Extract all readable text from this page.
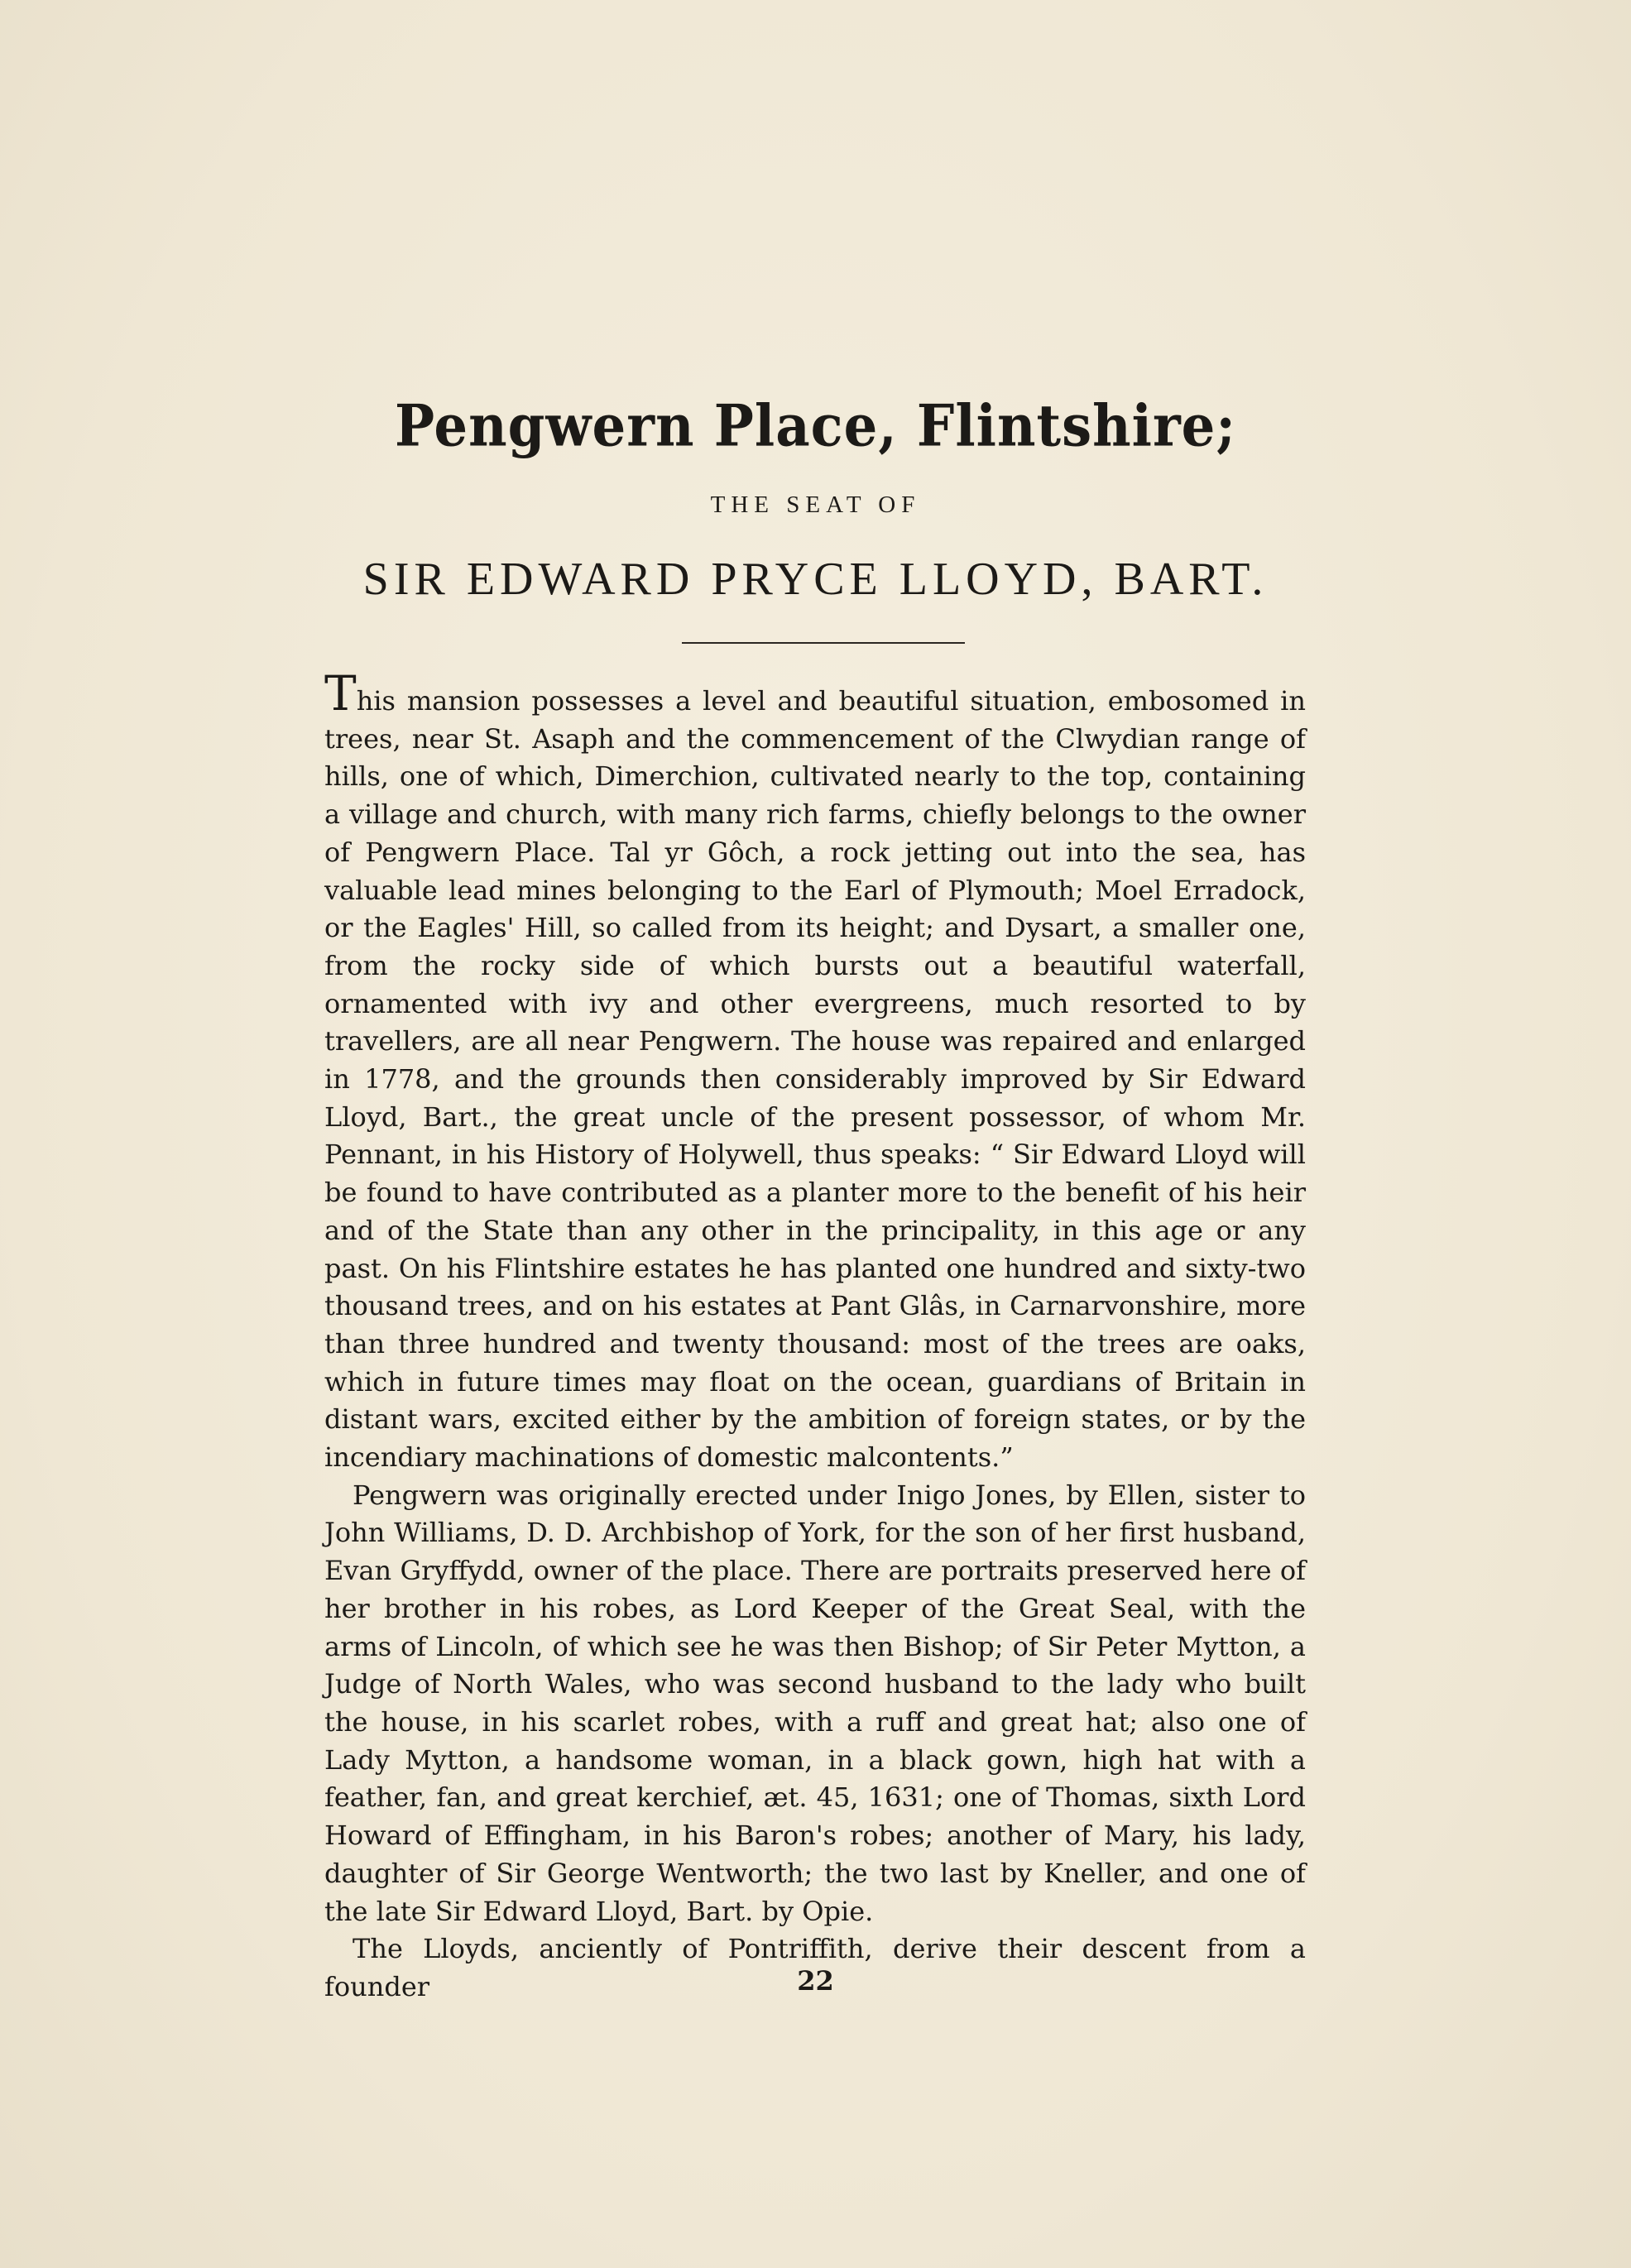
Pengwern Place, Flintshire;
THE SEAT OF
SIR EDWARD PRYCE LLOYD, BART.

This mansion possesses a level and beautiful situation, embosomed in trees, near St. Asaph and the commencement of the Clwydian range of hills, one of which, Dimerchion, cultivated nearly to the top, containing a village and church, with many rich farms, chiefly belongs to the owner of Pengwern Place. Tal yr Gôch, a rock jetting out into the sea, has valuable lead mines belonging to the Earl of Plymouth; Moel Erradock, or the Eagles' Hill, so called from its height; and Dysart, a smaller one, from the rocky side of which bursts out a beautiful waterfall, ornamented with ivy and other evergreens, much resorted to by travellers, are all near Pengwern. The house was repaired and enlarged in 1778, and the grounds then considerably improved by Sir Edward Lloyd, Bart., the great uncle of the present possessor, of whom Mr. Pennant, in his History of Holywell, thus speaks: “ Sir Edward Lloyd will be found to have contributed as a planter more to the benefit of his heir and of the State than any other in the principality, in this age or any past. On his Flintshire estates he has planted one hundred and sixty-two thousand trees, and on his estates at Pant Glâs, in Carnarvonshire, more than three hundred and twenty thousand: most of the trees are oaks, which in future times may float on the ocean, guardians of Britain in distant wars, excited either by the ambition of foreign states, or by the incendiary machinations of domestic malcontents.”

Pengwern was originally erected under Inigo Jones, by Ellen, sister to John Williams, D. D. Archbishop of York, for the son of her first husband, Evan Gryffydd, owner of the place. There are portraits preserved here of her brother in his robes, as Lord Keeper of the Great Seal, with the arms of Lincoln, of which see he was then Bishop; of Sir Peter Mytton, a Judge of North Wales, who was second husband to the lady who built the house, in his scarlet robes, with a ruff and great hat; also one of Lady Mytton, a handsome woman, in a black gown, high hat with a feather, fan, and great kerchief, æt. 45, 1631; one of Thomas, sixth Lord Howard of Effingham, in his Baron's robes; another of Mary, his lady, daughter of Sir George Wentworth; the two last by Kneller, and one of the late Sir Edward Lloyd, Bart. by Opie.

The Lloyds, anciently of Pontriffith, derive their descent from a founder	22
